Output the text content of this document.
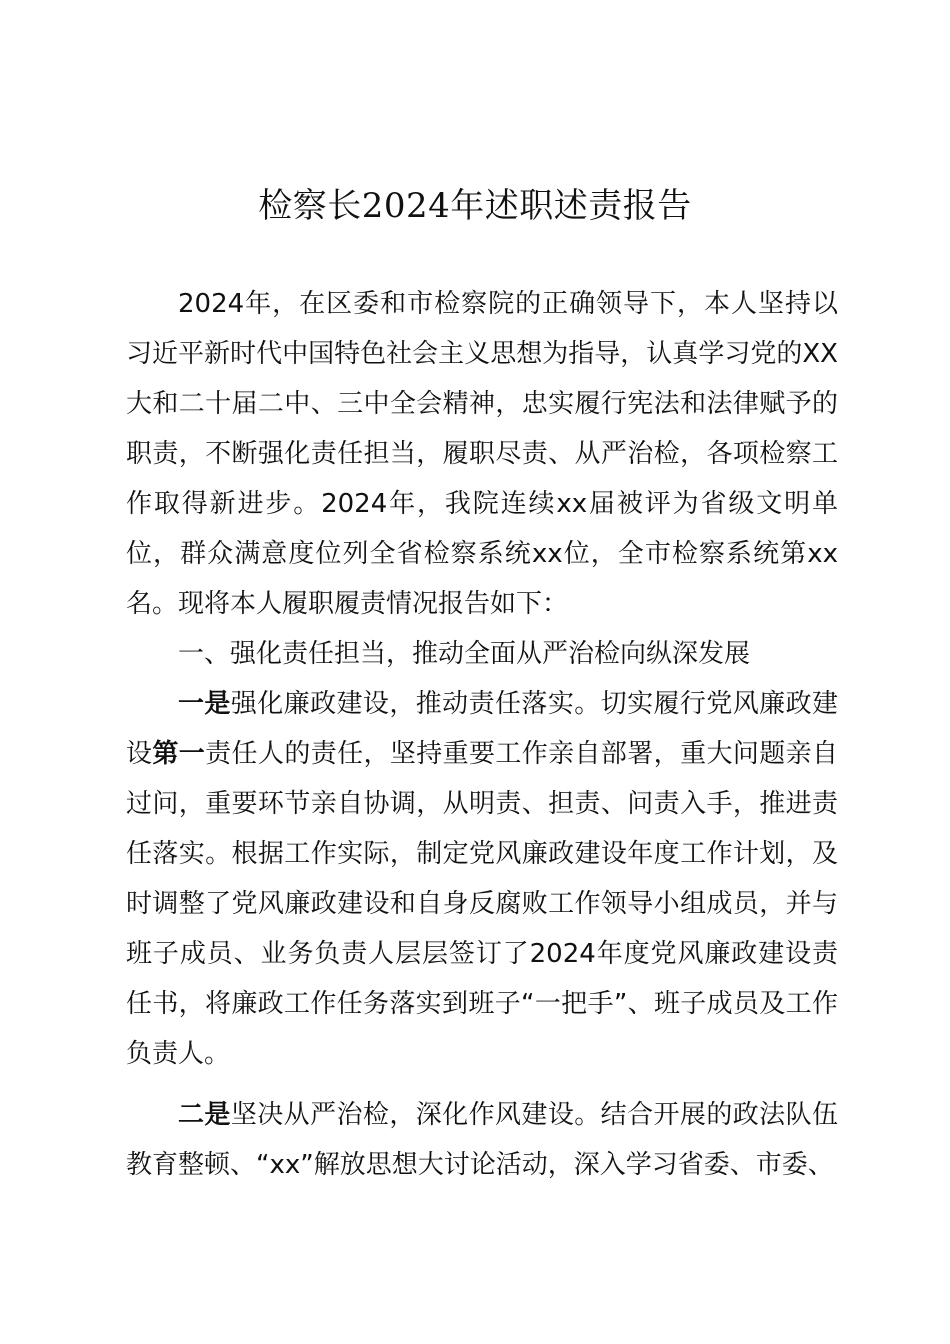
检察长2024年述职述责报告

2024年，在区委和市检察院的正确领导下，本人坚持以习近平新时代中国特色社会主义思想为指导，认真学习党的XX大和二十届二中、三中全会精神，忠实履行宪法和法律赋予的职责，不断强化责任担当，履职尽责、从严治检，各项检察工作取得新进步。2024年，我院连续xx届被评为省级文明单位，群众满意度位列全省检察系统xx位，全市检察系统第xx名。现将本人履职履责情况报告如下：

一、强化责任担当，推动全面从严治检向纵深发展

一是强化廉政建设，推动责任落实。切实履行党风廉政建设第一责任人的责任，坚持重要工作亲自部署，重大问题亲自过问，重要环节亲自协调，从明责、担责、问责入手，推进责任落实。根据工作实际，制定党风廉政建设年度工作计划，及时调整了党风廉政建设和自身反腐败工作领导小组成员，并与班子成员、业务负责人层层签订了2024年度党风廉政建设责任书，将廉政工作任务落实到班子“一把手”、班子成员及工作负责人。

二是坚决从严治检，深化作风建设。结合开展的政法队伍教育整顿、“xx”解放思想大讨论活动，深入学习省委、市委、
